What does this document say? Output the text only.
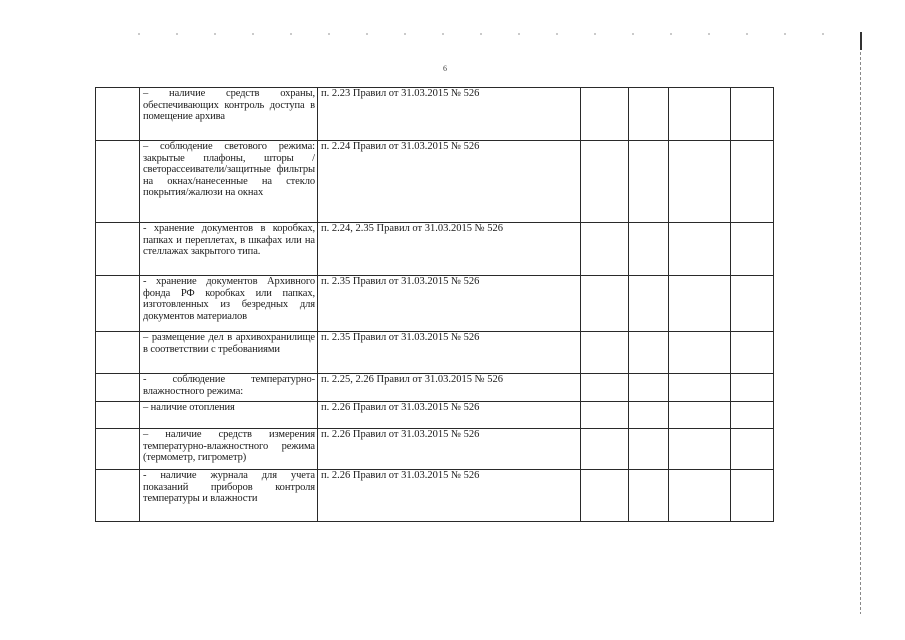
6

	– наличие средств охраны, обеспечивающих контроль доступа в помещение архива	п. 2.23 Правил от 31.03.2015 № 526				

	– соблюдение светового режима: закрытые плафоны, шторы / светорассеиватели/защитные фильтры на окнах/нанесенные на стекло покрытия/жалюзи на окнах	п. 2.24 Правил от 31.03.2015 № 526				

	- хранение документов в коробках, папках и переплетах, в шкафах или на стеллажах закрытого типа.	п. 2.24, 2.35 Правил от 31.03.2015 № 526				

	- хранение документов Архивного фонда РФ коробках или папках, изготовленных из безредных для документов материалов	п. 2.35 Правил от 31.03.2015 № 526				

	– размещение дел в архивохранилище в соответствии с требованиями	п. 2.35 Правил от 31.03.2015 № 526				

	- соблюдение температурно-влажностного режима:	п. 2.25, 2.26 Правил от 31.03.2015 № 526				

	– наличие отопления	п. 2.26 Правил от 31.03.2015 № 526				

	– наличие средств измерения температурно-влажностного режима (термометр, гигрометр)	п. 2.26 Правил от 31.03.2015 № 526				

	- наличие журнала для учета показаний приборов контроля температуры и влажности	п. 2.26 Правил от 31.03.2015 № 526				
